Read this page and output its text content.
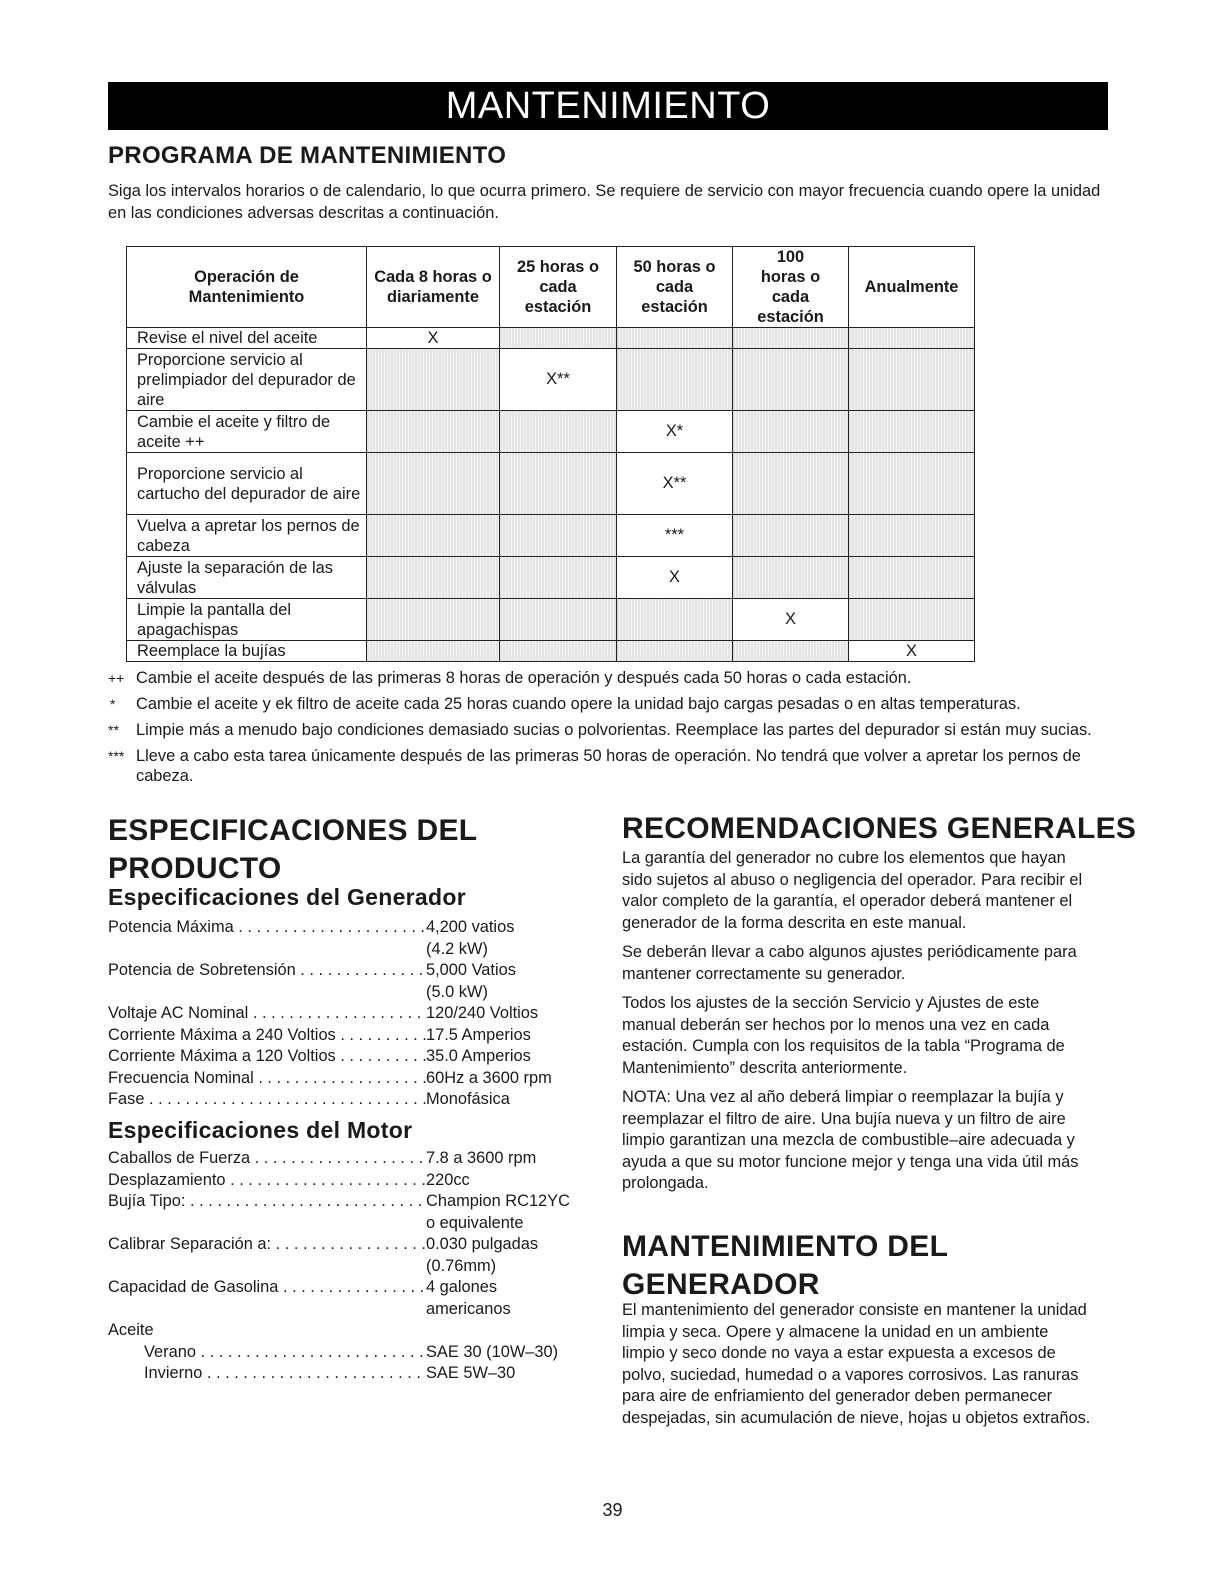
MANTENIMIENTO
PROGRAMA DE MANTENIMIENTO

Siga los intervalos horarios o de calendario, lo que ocurra primero. Se requiere de servicio con mayor frecuencia cuando opere la unidad en las condiciones adversas descritas a continuación.

Operación de Mantenimiento	Cada 8 horas o diariamente	25 horas o cada estación	50 horas o cada estación	100 horas o cada estación	Anualmente
Revise el nivel del aceite	X				
Proporcione servicio al prelimpiador del depurador de aire		X**			
Cambie el aceite y filtro de aceite ++			X*		
Proporcione servicio al cartucho del depurador de aire			X**		
Vuelva a apretar los pernos de cabeza			***		
Ajuste la separación de las válvulas			X		
Limpie la pantalla del apagachispas				X	
Reemplace la bujías					X
++ Cambie el aceite después de las primeras 8 horas de operación y después cada 50 horas o cada estación.
*	Cambie el aceite y ek filtro de aceite cada 25 horas cuando opere la unidad bajo cargas pesadas o en altas temperaturas.
**	Limpie más a menudo bajo condiciones demasiado sucias o polvorientas. Reemplace las partes del depurador si están muy sucias.
*** Lleve a cabo esta tarea únicamente después de las primeras 50 horas de operación. No tendrá que volver a apretar los pernos de cabeza.
ESPECIFICACIONES DEL
PRODUCTO
Especificaciones del Generador
Potencia Máxima . . .	4,200 vatios
(4.2 kW)
Potencia de Sobretensión . . .	5,000 Vatios
(5.0 kW)
Voltaje AC Nominal . . .	120/240 Voltios
Corriente Máxima a 240 Voltios . . .	17.5 Amperios
Corriente Máxima a 120 Voltios . . .	35.0 Amperios
Frecuencia Nominal . . .	60Hz a 3600 rpm
Fase . . .	Monofásica
Especificaciones del Motor
Caballos de Fuerza . . .	7.8 a 3600 rpm
Desplazamiento . . .	220cc
Bujía Tipo: . . .	Champion RC12YC
o equivalente
Calibrar Separación a: . . .	0.030 pulgadas
(0.76mm)
Capacidad de Gasolina . . .	4 galones
americanos
Aceite
Verano . . .	SAE 30 (10W–30)
Invierno . . .	SAE 5W–30
RECOMENDACIONES GENERALES

La garantía del generador no cubre los elementos que hayan sido sujetos al abuso o negligencia del operador. Para recibir el valor completo de la garantía, el operador deberá mantener el generador de la forma descrita en este manual.

Se deberán llevar a cabo algunos ajustes periódicamente para mantener correctamente su generador.

Todos los ajustes de la sección Servicio y Ajustes de este manual deberán ser hechos por lo menos una vez en cada estación. Cumpla con los requisitos de la tabla “Programa de Mantenimiento” descrita anteriormente.

NOTA: Una vez al año deberá limpiar o reemplazar la bujía y reemplazar el filtro de aire. Una bujía nueva y un filtro de aire limpio garantizan una mezcla de combustible–aire adecuada y ayuda a que su motor funcione mejor y tenga una vida útil más prolongada.

MANTENIMIENTO DEL
GENERADOR

El mantenimiento del generador consiste en mantener la unidad limpia y seca. Opere y almacene la unidad en un ambiente limpio y seco donde no vaya a estar expuesta a excesos de polvo, suciedad, humedad o a vapores corrosivos. Las ranuras para aire de enfriamiento del generador deben permanecer despejadas, sin acumulación de nieve, hojas u objetos extraños.

39
